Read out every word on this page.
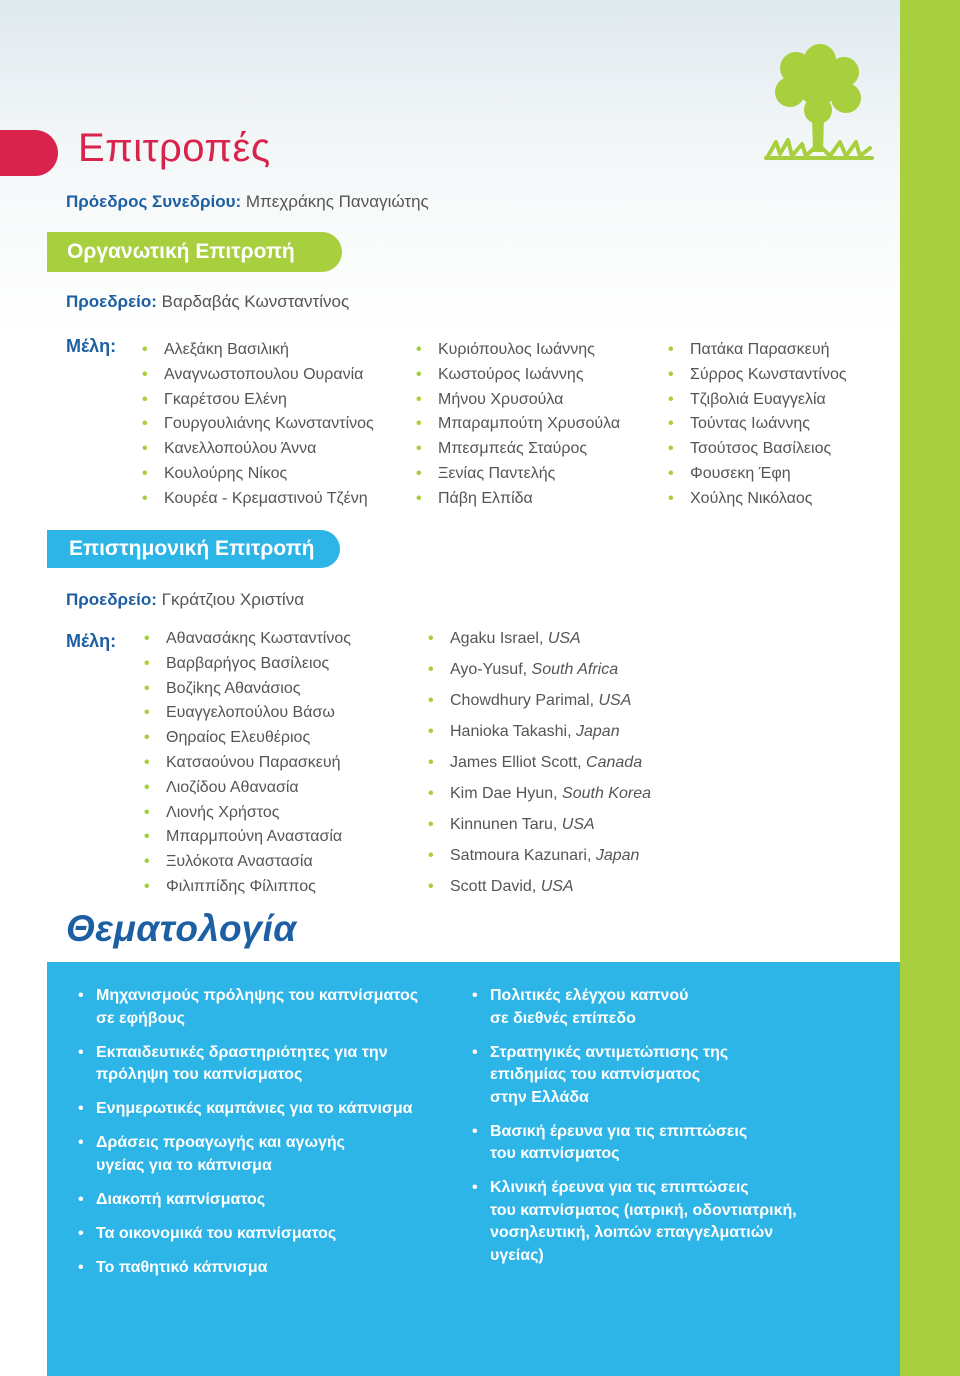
Επιτροπές
Πρόεδρος Συνεδρίου: Μπεχράκης Παναγιώτης
Οργανωτική Επιτροπή
Προεδρείο: Βαρδαβάς Κωνσταντίνος
Μέλη:	• Αλεξάκη Βασιλική
• Αναγνωστοπουλου Ουρανία
• Γκαρέτσου Ελένη
• Γουργουλιάνης Κωνσταντίνος
• Κανελλοπούλου Άννα
• Κουλούρης Νίκος
• Κουρέα - Κρεμαστινού Τζένη
• Κυριόπουλος Ιωάννης
• Κωστούρος Ιωάννης
• Μήνου Χρυσούλα
• Μπαραμπούτη Χρυσούλα
• Μπεσμπεάς Σταύρος
• Ξενίας Παντελής
• Πάβη Ελπίδα
• Πατάκα Παρασκευή
• Σύρρος Κωνσταντίνος
• Τζιβολιά Ευαγγελία
• Τούντας Ιωάννης
• Τσούτσος Βασίλειος
• Φουσεκη Έφη
• Χούλης Νικόλαος
Επιστημονική Επιτροπή
Προεδρείο: Γκράτζιου Χριστίνα
Μέλη:	• Αθανασάκης Κωσταντίνος
• Βαρβαρήγος Βασίλειος
• Βοζikης Αθανάσιος
• Ευαγγελοπούλου Βάσω
• Θηραίος Ελευθέριος
• Κατσαούνου Παρασκευή
• Λιοζίδου Αθανασία
• Λιονής Χρήστος
• Μπαρμπούνη Αναστασία
• Ξυλόκοτα Αναστασία
• Φιλιππίδης Φίλιππος
• Agaku Israel, USA
• Ayo-Yusuf, South Africa
• Chowdhury Parimal, USA
• Hanioka Takashi, Japan
• James Elliot Scott, Canada
• Kim Dae Hyun, South Korea
• Kinnunen Taru, USA
• Satmoura Kazunari, Japan
• Scott David, USA
Θεματολογία
• Μηχανισμούς πρόληψης του καπνίσματος
σε εφήβους
• Εκπαιδευτικές δραστηριότητες για την
πρόληψη του καπνίσματος
• Ενημερωτικές καμπάνιες για το κάπνισμα
• Δράσεις προαγωγής και αγωγής
υγείας για το κάπνισμα
• Διακοπή καπνίσματος
• Τα οικονομικά του καπνίσματος
• Το παθητικό κάπνισμα
• Πολιτικές ελέγχου καπνού
σε διεθνές επίπεδο
• Στρατηγικές αντιμετώπισης της
επιδημίας του καπνίσματος
στην Ελλάδα
• Βασική έρευνα για τις επιπτώσεις
του καπνίσματος
• Κλινική έρευνα για τις επιπτώσεις
του καπνίσματος (ιατρική, οδοντιατρική,
νοσηλευτική, λοιπών επαγγελματιών
υγείας)
